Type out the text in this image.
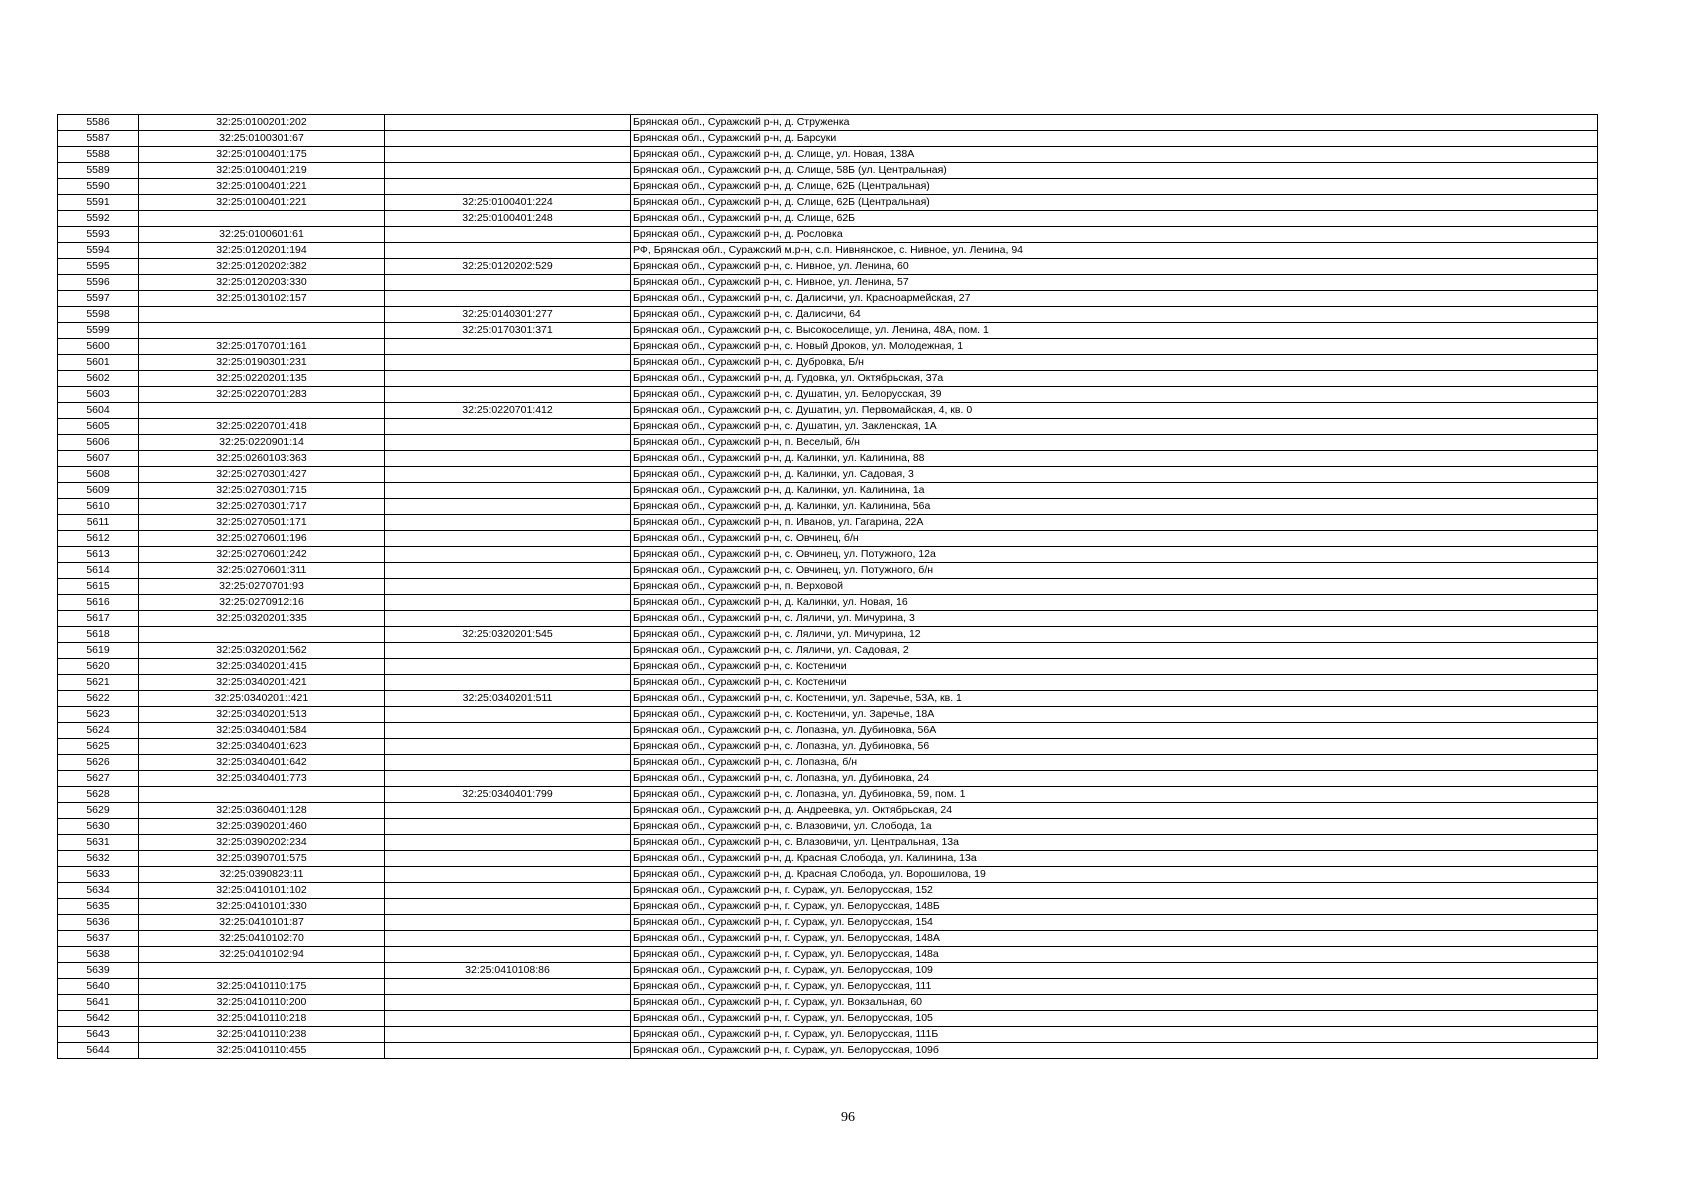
5586	32:25:0100201:202		Брянская обл., Суражский р-н, д. Струженка
5587	32:25:0100301:67		Брянская обл., Суражский р-н, д. Барсуки
5588	32:25:0100401:175		Брянская обл., Суражский р-н, д. Слище, ул. Новая, 138А
5589	32:25:0100401:219		Брянская обл., Суражский р-н, д. Слище, 58Б (ул. Центральная)
5590	32:25:0100401:221		Брянская обл., Суражский р-н, д. Слище, 62Б (Центральная)
5591	32:25:0100401:221	32:25:0100401:224	Брянская обл., Суражский р-н, д. Слище, 62Б (Центральная)
5592		32:25:0100401:248	Брянская обл., Суражский р-н, д. Слище, 62Б
5593	32:25:0100601:61		Брянская обл., Суражский р-н, д. Рословка
5594	32:25:0120201:194		РФ, Брянская обл., Суражский м.р-н, с.п. Нивнянское, с. Нивное, ул. Ленина, 94
5595	32:25:0120202:382	32:25:0120202:529	Брянская обл., Суражский р-н, с. Нивное, ул. Ленина, 60
5596	32:25:0120203:330		Брянская обл., Суражский р-н, с. Нивное, ул. Ленина, 57
5597	32:25:0130102:157		Брянская обл., Суражский р-н, с. Далисичи, ул. Красноармейская, 27
5598		32:25:0140301:277	Брянская обл., Суражский р-н, с. Далисичи, 64
5599		32:25:0170301:371	Брянская обл., Суражский р-н, с. Высокоселище, ул. Ленина, 48А, пом. 1
5600	32:25:0170701:161		Брянская обл., Суражский р-н, с. Новый Дроков, ул. Молодежная, 1
5601	32:25:0190301:231		Брянская обл., Суражский р-н, с. Дубровка, Б/н
5602	32:25:0220201:135		Брянская обл., Суражский р-н, д. Гудовка, ул. Октябрьская, 37а
5603	32:25:0220701:283		Брянская обл., Суражский р-н, с. Душатин, ул. Белорусская, 39
5604		32:25:0220701:412	Брянская обл., Суражский р-н, с. Душатин, ул. Первомайская, 4, кв. 0
5605	32:25:0220701:418		Брянская обл., Суражский р-н, с. Душатин, ул. Закленская, 1А
5606	32:25:0220901:14		Брянская обл., Суражский р-н, п. Веселый, б/н
5607	32:25:0260103:363		Брянская обл., Суражский р-н, д. Калинки, ул. Калинина, 88
5608	32:25:0270301:427		Брянская обл., Суражский р-н, д. Калинки, ул. Садовая, 3
5609	32:25:0270301:715		Брянская обл., Суражский р-н, д. Калинки, ул. Калинина, 1а
5610	32:25:0270301:717		Брянская обл., Суражский р-н, д. Калинки, ул. Калинина, 56а
5611	32:25:0270501:171		Брянская обл., Суражский р-н, п. Иванов, ул. Гагарина, 22А
5612	32:25:0270601:196		Брянская обл., Суражский р-н, с. Овчинец, б/н
5613	32:25:0270601:242		Брянская обл., Суражский р-н, с. Овчинец, ул. Потужного, 12а
5614	32:25:0270601:311		Брянская обл., Суражский р-н, с. Овчинец, ул. Потужного, б/н
5615	32:25:0270701:93		Брянская обл., Суражский р-н, п. Верховой
5616	32:25:0270912:16		Брянская обл., Суражский р-н, д. Калинки, ул. Новая, 16
5617	32:25:0320201:335		Брянская обл., Суражский р-н, с. Ляличи, ул. Мичурина, 3
5618		32:25:0320201:545	Брянская обл., Суражский р-н, с. Ляличи, ул. Мичурина, 12
5619	32:25:0320201:562		Брянская обл., Суражский р-н, с. Ляличи, ул. Садовая, 2
5620	32:25:0340201:415		Брянская обл., Суражский р-н, с. Костеничи
5621	32:25:0340201:421		Брянская обл., Суражский р-н, с. Костеничи
5622	32:25:0340201::421	32:25:0340201:511	Брянская обл., Суражский р-н, с. Костеничи, ул. Заречье, 53А, кв. 1
5623	32:25:0340201:513		Брянская обл., Суражский р-н, с. Костеничи, ул. Заречье, 18А
5624	32:25:0340401:584		Брянская обл., Суражский р-н, с. Лопазна, ул. Дубиновка, 56А
5625	32:25:0340401:623		Брянская обл., Суражский р-н, с. Лопазна, ул. Дубиновка, 56
5626	32:25:0340401:642		Брянская обл., Суражский р-н, с. Лопазна, б/н
5627	32:25:0340401:773		Брянская обл., Суражский р-н, с. Лопазна, ул. Дубиновка, 24
5628		32:25:0340401:799	Брянская обл., Суражский р-н, с. Лопазна, ул. Дубиновка, 59, пом. 1
5629	32:25:0360401:128		Брянская обл., Суражский р-н, д. Андреевка, ул. Октябрьская, 24
5630	32:25:0390201:460		Брянская обл., Суражский р-н, с. Влазовичи, ул. Слобода, 1а
5631	32:25:0390202:234		Брянская обл., Суражский р-н, с. Влазовичи, ул. Центральная, 13а
5632	32:25:0390701:575		Брянская обл., Суражский р-н, д. Красная Слобода, ул. Калинина, 13а
5633	32:25:0390823:11		Брянская обл., Суражский р-н, д. Красная Слобода, ул. Ворошилова, 19
5634	32:25:0410101:102		Брянская обл., Суражский р-н, г. Сураж, ул. Белорусская, 152
5635	32:25:0410101:330		Брянская обл., Суражский р-н, г. Сураж, ул. Белорусская, 148Б
5636	32:25:0410101:87		Брянская обл., Суражский р-н, г. Сураж, ул. Белорусская, 154
5637	32:25:0410102:70		Брянская обл., Суражский р-н, г. Сураж, ул. Белорусская, 148А
5638	32:25:0410102:94		Брянская обл., Суражский р-н, г. Сураж, ул. Белорусская, 148а
5639		32:25:0410108:86	Брянская обл., Суражский р-н, г. Сураж, ул. Белорусская, 109
5640	32:25:0410110:175		Брянская обл., Суражский р-н, г. Сураж, ул. Белорусская, 111
5641	32:25:0410110:200		Брянская обл., Суражский р-н, г. Сураж, ул. Вокзальная, 60
5642	32:25:0410110:218		Брянская обл., Суражский р-н, г. Сураж, ул. Белорусская, 105
5643	32:25:0410110:238		Брянская обл., Суражский р-н, г. Сураж, ул. Белорусская, 111Б
5644	32:25:0410110:455		Брянская обл., Суражский р-н, г. Сураж, ул. Белорусская, 109б
96
